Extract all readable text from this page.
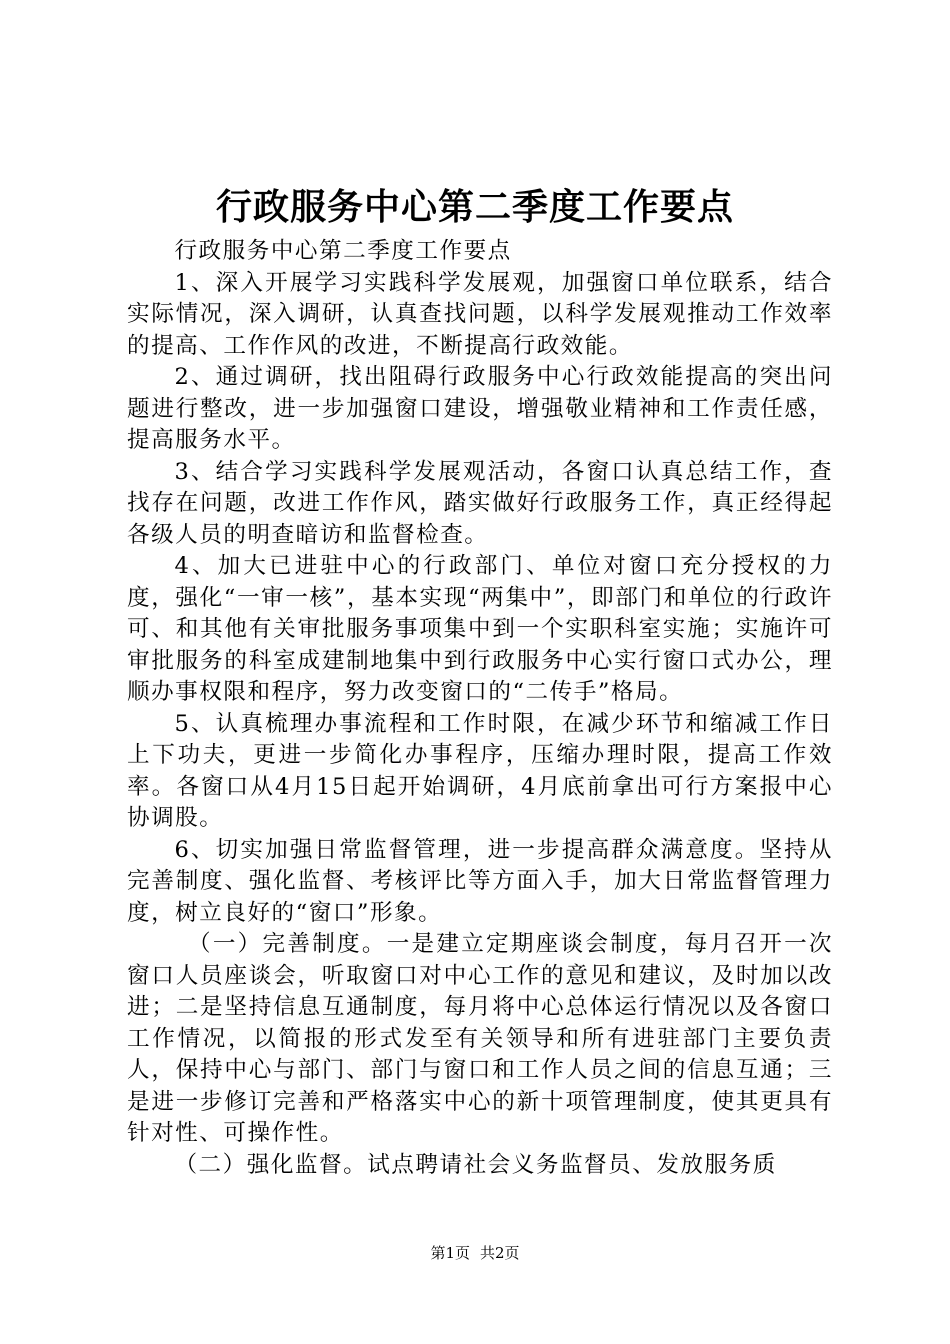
行政服务中心第二季度工作要点

行政服务中心第二季度工作要点

1、深入开展学习实践科学发展观，加强窗口单位联系，结合实际情况，深入调研，认真查找问题，以科学发展观推动工作效率的提高、工作作风的改进，不断提高行政效能。

2、通过调研，找出阻碍行政服务中心行政效能提高的突出问题进行整改，进一步加强窗口建设，增强敬业精神和工作责任感，提高服务水平。

3、结合学习实践科学发展观活动，各窗口认真总结工作，查找存在问题，改进工作作风，踏实做好行政服务工作，真正经得起各级人员的明查暗访和监督检查。

4、加大已进驻中心的行政部门、单位对窗口充分授权的力度，强化“一审一核”，基本实现“两集中”，即部门和单位的行政许可、和其他有关审批服务事项集中到一个实职科室实施；实施许可审批服务的科室成建制地集中到行政服务中心实行窗口式办公，理顺办事权限和程序，努力改变窗口的“二传手”格局。

5、认真梳理办事流程和工作时限，在减少环节和缩减工作日上下功夫，更进一步简化办事程序，压缩办理时限，提高工作效率。各窗口从4月15日起开始调研，4月底前拿出可行方案报中心协调股。

6、切实加强日常监督管理，进一步提高群众满意度。坚持从完善制度、强化监督、考核评比等方面入手，加大日常监督管理力度，树立良好的“窗口”形象。

（一）完善制度。一是建立定期座谈会制度，每月召开一次窗口人员座谈会，听取窗口对中心工作的意见和建议，及时加以改进；二是坚持信息互通制度，每月将中心总体运行情况以及各窗口工作情况，以简报的形式发至有关领导和所有进驻部门主要负责人，保持中心与部门、部门与窗口和工作人员之间的信息互通；三是进一步修订完善和严格落实中心的新十项管理制度，使其更具有针对性、可操作性。

（二）强化监督。试点聘请社会义务监督员、发放服务质

第1页 共2页
